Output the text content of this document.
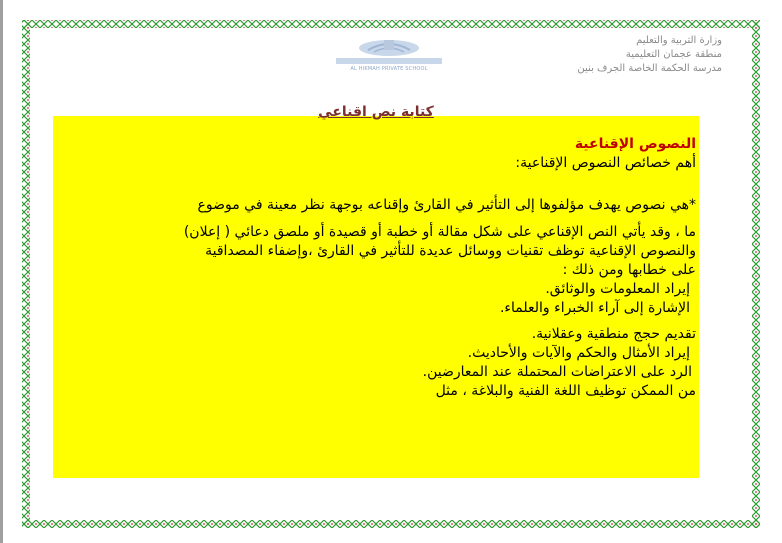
وزارة التربية والتعليم
منطقة عجمان التعليمية
مدرسة الحكمة الخاصة الجرف بنين
AL HIKMAH PRIVATE SCHOOL
كتابة نص اقناعي
النصوص الإقناعية
أهم خصائص النصوص الإقناعية:
*هي نصوص يهدف مؤلفوها إلى التأثير في القارئ وإقناعه بوجهة نظر معينة في موضوع
ما ، وقد يأتي النص الإقناعي على شكل مقالة أو خطبة أو قصيدة أو ملصق دعائي ( إعلان)
والنصوص الإقناعية توظف تقنيات ووسائل عديدة للتأثير في القارئ ،وإضفاء المصداقية
على خطابها ومن ذلك :
إيراد المعلومات والوثائق.
الإشارة إلى آراء الخبراء والعلماء.
تقديم حجج منطقية وعقلانية.
إيراد الأمثال والحكم والآيات والأحاديث.
الرد على الاعتراضات المحتملة عند المعارضين.
من الممكن توظيف اللغة الفنية والبلاغة ، مثل
